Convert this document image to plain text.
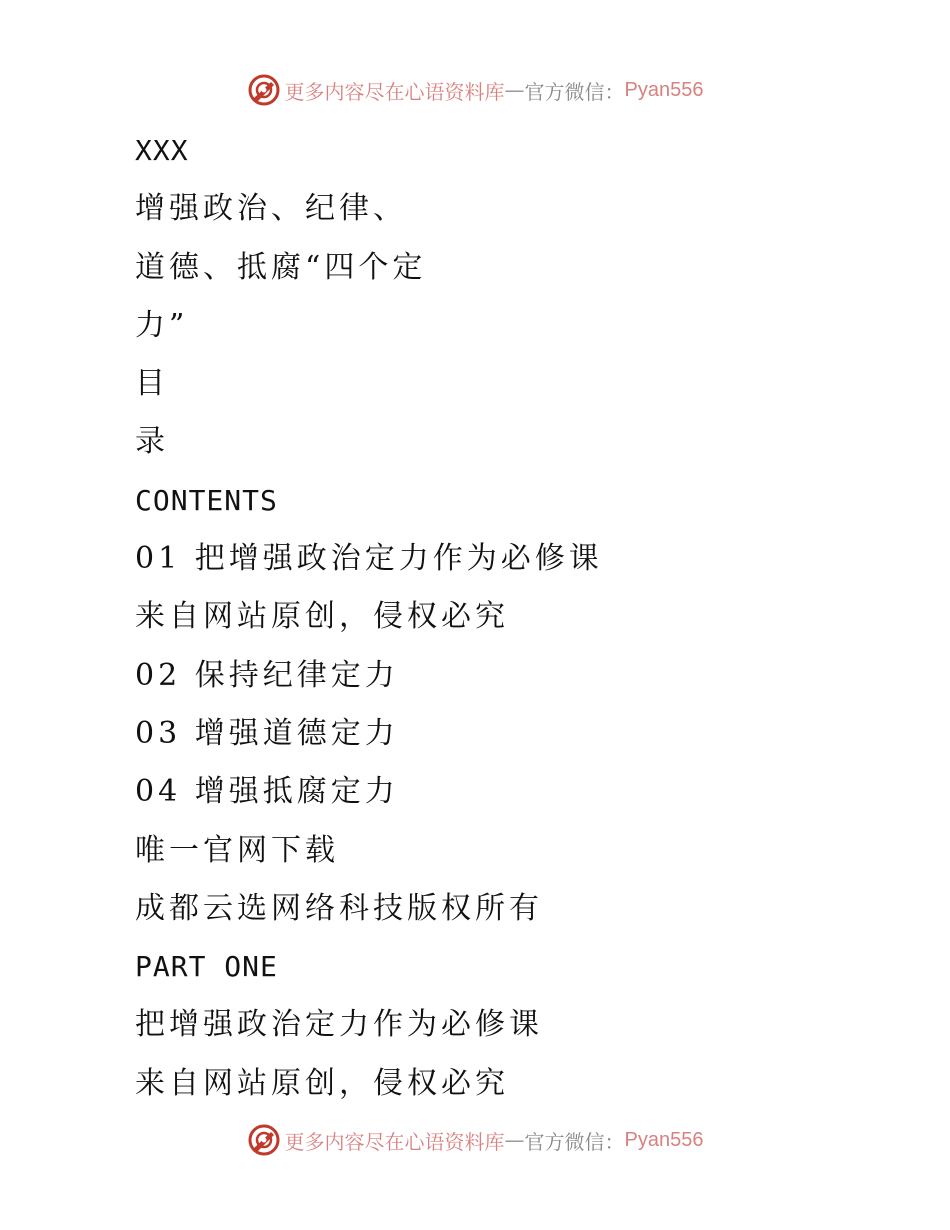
更多内容尽在心语资料库 — 官方微信： Pyan556

XXX

增强政治、纪律、

道德、抵腐“四个定

力”

目

录

CONTENTS

01 把增强政治定力作为必修课

来自网站原创，侵权必究

02 保持纪律定力

03 增强道德定力

04 增强抵腐定力

唯一官网下载

成都云选网络科技版权所有

PART ONE

把增强政治定力作为必修课

来自网站原创，侵权必究

更多内容尽在心语资料库 — 官方微信： Pyan556
